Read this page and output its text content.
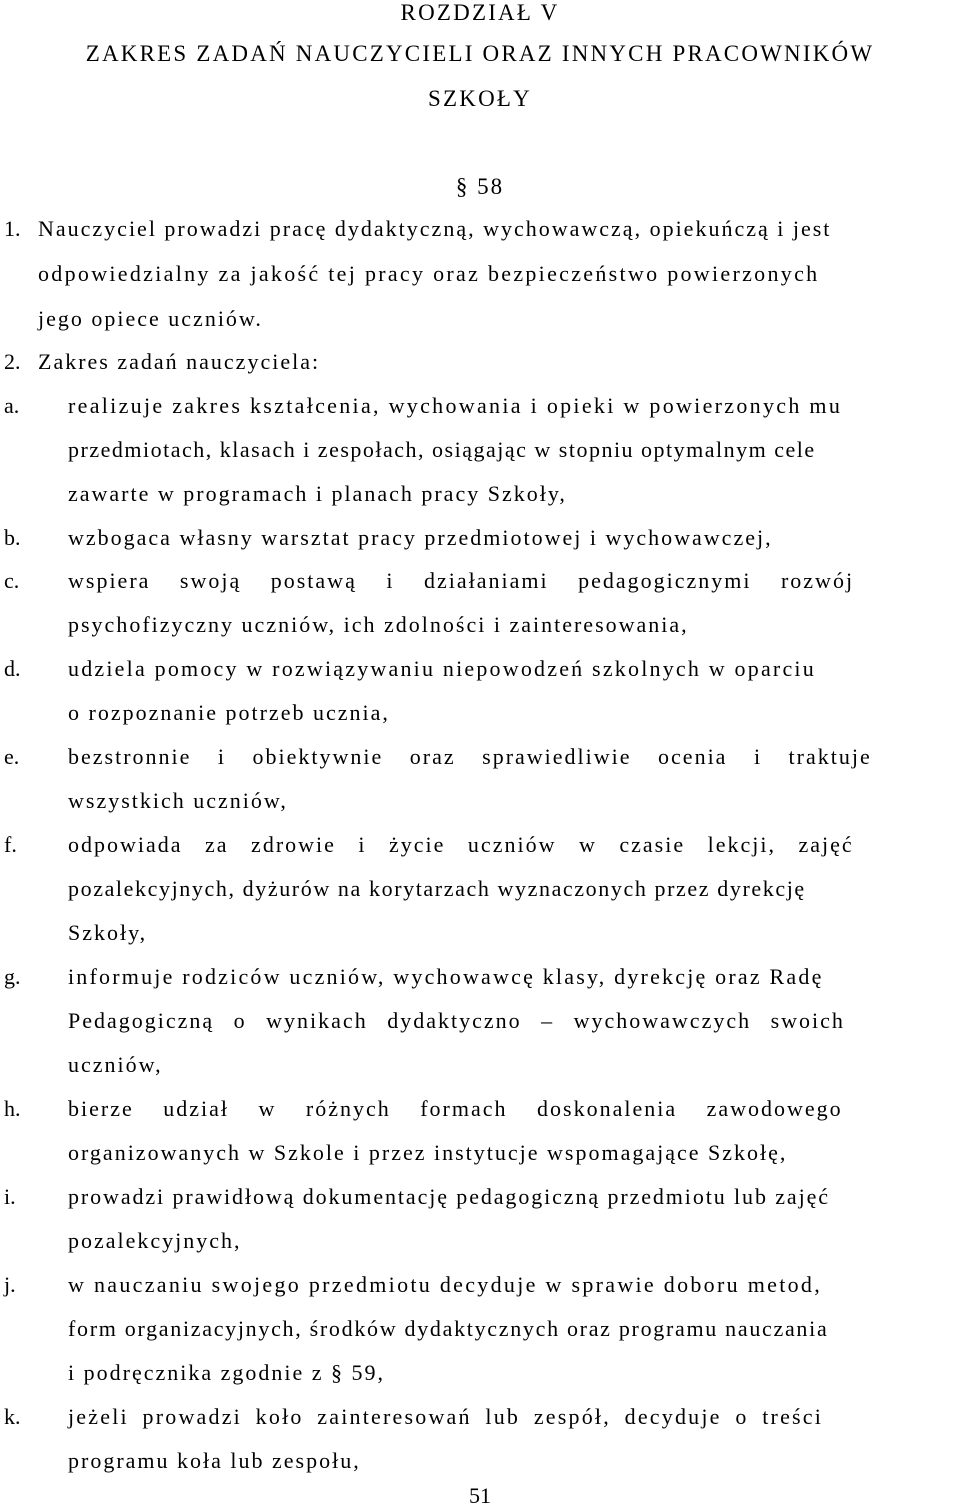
ROZDZIAŁ V
ZAKRES ZADAŃ NAUCZYCIELI ORAZ INNYCH PRACOWNIKÓW
SZKOŁY
§ 58
1. Nauczyciel prowadzi pracę dydaktyczną, wychowawczą, opiekuńczą i jest
odpowiedzialny za jakość tej pracy oraz bezpieczeństwo powierzonych
jego opiece uczniów.
2. Zakres zadań nauczyciela:
a. realizuje zakres kształcenia, wychowania i opieki w powierzonych mu
przedmiotach, klasach i zespołach, osiągając w stopniu optymalnym cele
zawarte w programach i planach pracy Szkoły,
b. wzbogaca własny warsztat pracy przedmiotowej i wychowawczej,
c. wspiera swoją postawą i działaniami pedagogicznymi rozwój
psychofizyczny uczniów, ich zdolności i zainteresowania,
d. udziela pomocy w rozwiązywaniu niepowodzeń szkolnych w oparciu
o rozpoznanie potrzeb ucznia,
e. bezstronnie i obiektywnie oraz sprawiedliwie ocenia i traktuje
wszystkich uczniów,
f. odpowiada za zdrowie i życie uczniów w czasie lekcji, zajęć
pozalekcyjnych, dyżurów na korytarzach wyznaczonych przez dyrekcję
Szkoły,
g. informuje rodziców uczniów, wychowawcę klasy, dyrekcję oraz Radę
Pedagogiczną o wynikach dydaktyczno – wychowawczych swoich
uczniów,
h. bierze udział w różnych formach doskonalenia zawodowego
organizowanych w Szkole i przez instytucje wspomagające Szkołę,
i. prowadzi prawidłową dokumentację pedagogiczną przedmiotu lub zajęć
pozalekcyjnych,
j. w nauczaniu swojego przedmiotu decyduje w sprawie doboru metod,
form organizacyjnych, środków dydaktycznych oraz programu nauczania
i podręcznika zgodnie z § 59,
k. jeżeli prowadzi koło zainteresowań lub zespół, decyduje o treści
programu koła lub zespołu,
51
